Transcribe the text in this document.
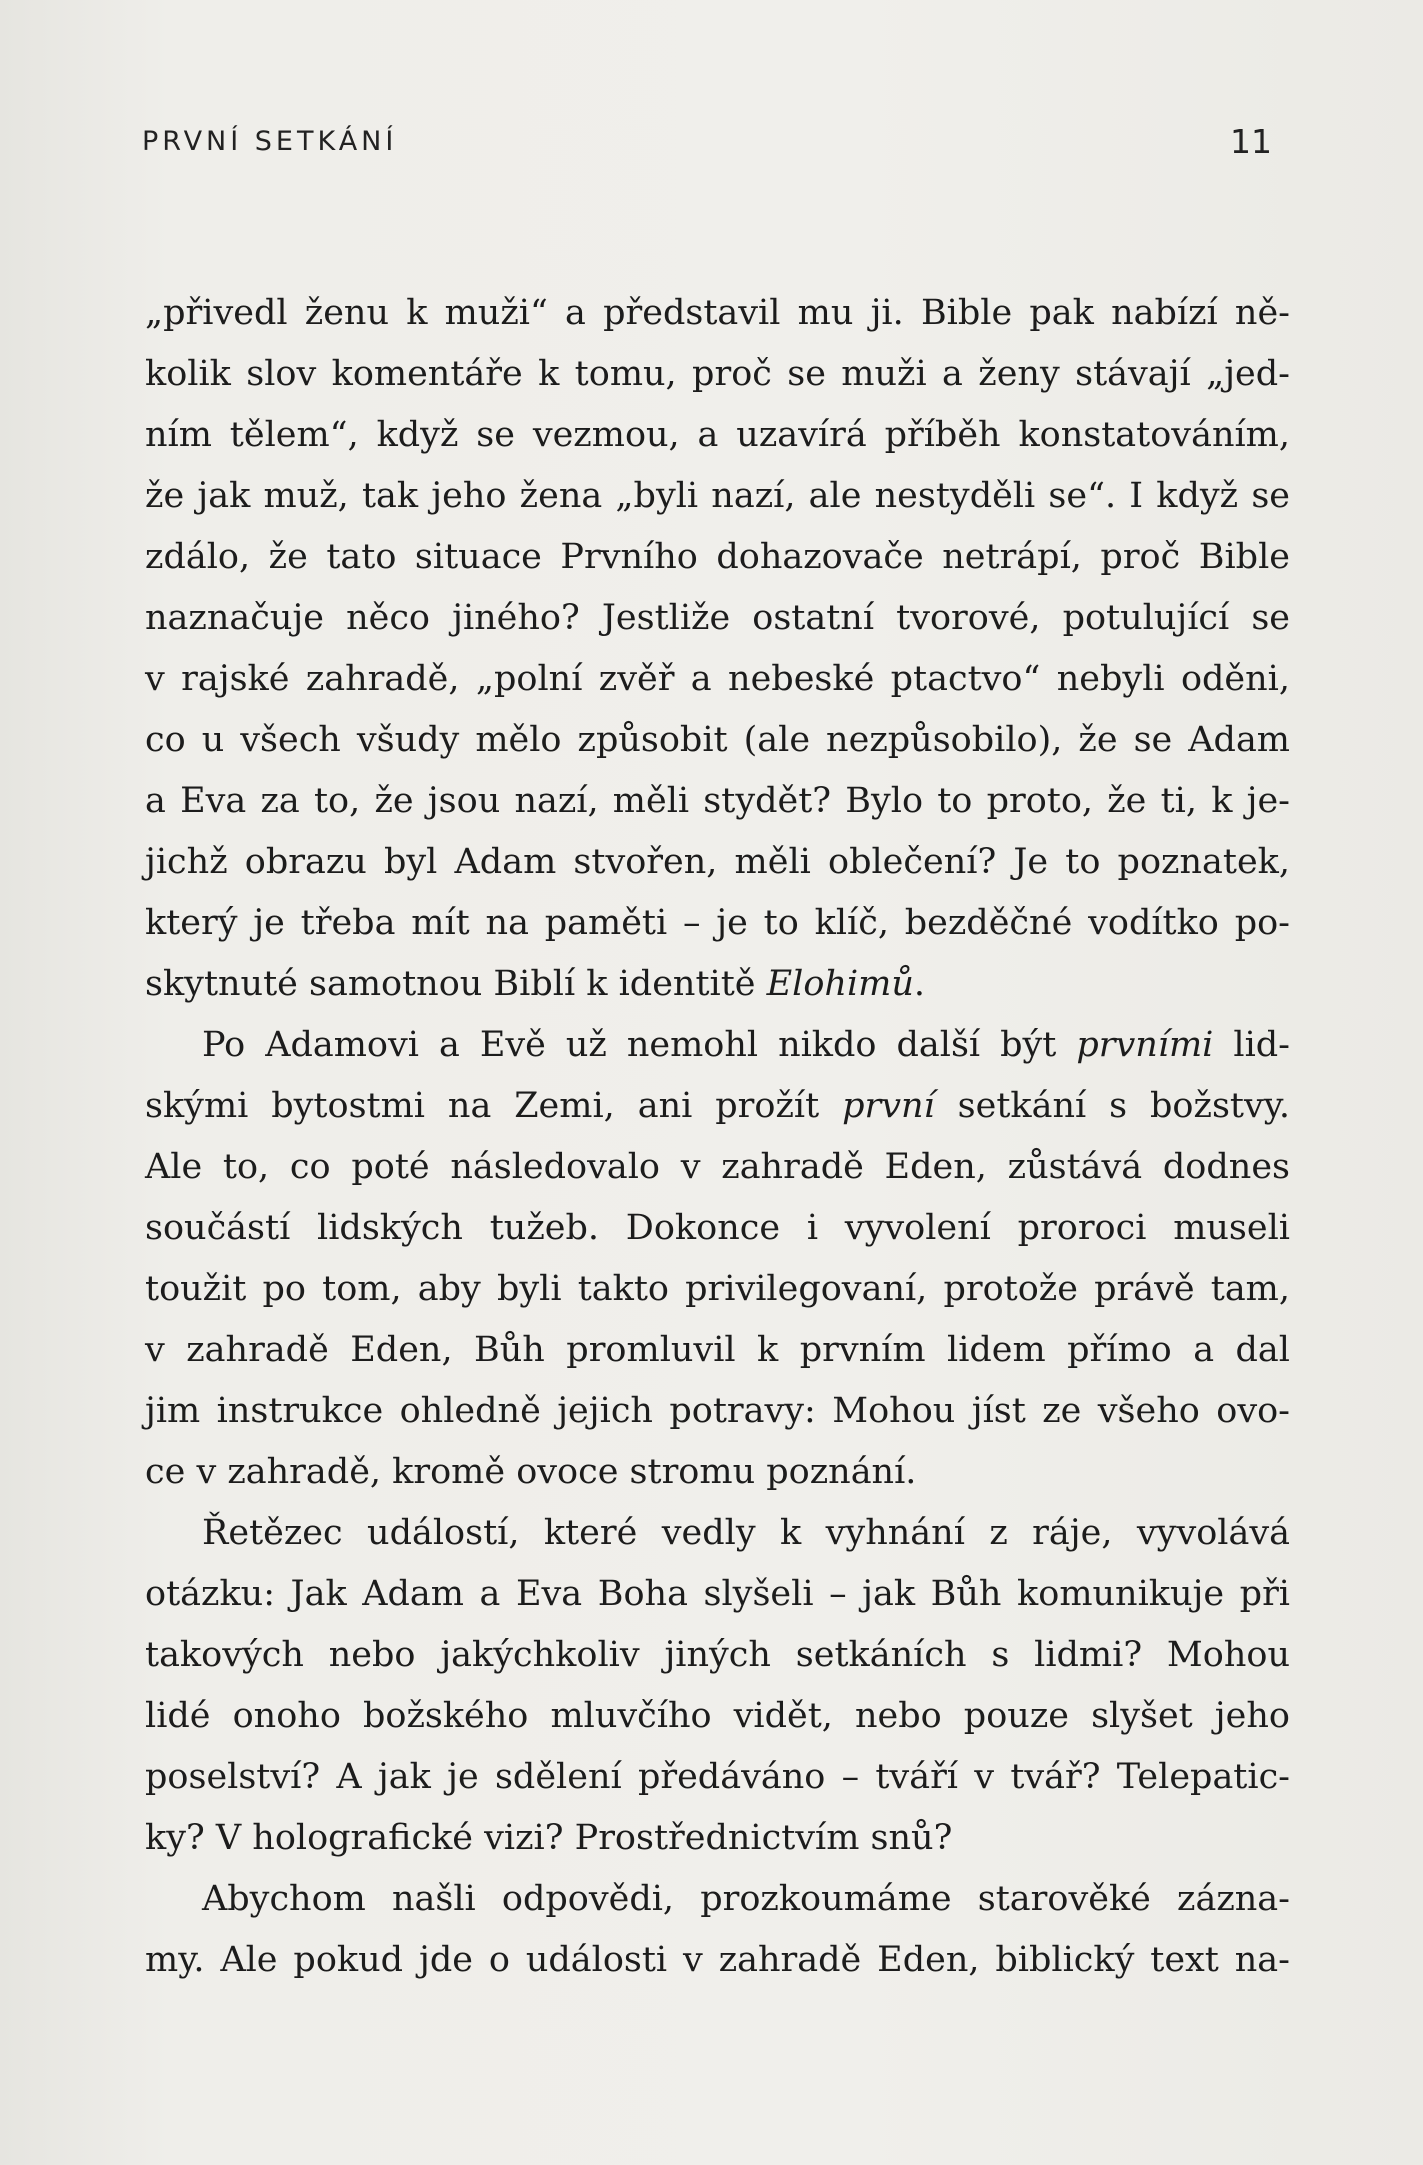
PRVNÍ SETKÁNÍ	11
„přivedl ženu k muži“ a představil mu ji. Bible pak nabízí ně-
kolik slov komentáře k tomu, proč se muži a ženy stávají „jed-
ním tělem“, když se vezmou, a uzavírá příběh konstatováním,
že jak muž, tak jeho žena „byli nazí, ale nestyděli se“. I když se
zdálo, že tato situace Prvního dohazovače netrápí, proč Bible
naznačuje něco jiného? Jestliže ostatní tvorové, potulující se
v rajské zahradě, „polní zvěř a nebeské ptactvo“ nebyli oděni,
co u všech všudy mělo způsobit (ale nezpůsobilo), že se Adam
a Eva za to, že jsou nazí, měli stydět? Bylo to proto, že ti, k je-
jichž obrazu byl Adam stvořen, měli oblečení? Je to poznatek,
který je třeba mít na paměti – je to klíč, bezděčné vodítko po-
skytnuté samotnou Biblí k identitě Elohimů.
Po Adamovi a Evě už nemohl nikdo další být prvními lid-
skými bytostmi na Zemi, ani prožít první setkání s božstvy.
Ale to, co poté následovalo v zahradě Eden, zůstává dodnes
součástí lidských tužeb. Dokonce i vyvolení proroci museli
toužit po tom, aby byli takto privilegovaní, protože právě tam,
v zahradě Eden, Bůh promluvil k prvním lidem přímo a dal
jim instrukce ohledně jejich potravy: Mohou jíst ze všeho ovo-
ce v zahradě, kromě ovoce stromu poznání.
Řetězec událostí, které vedly k vyhnání z ráje, vyvolává
otázku: Jak Adam a Eva Boha slyšeli – jak Bůh komunikuje při
takových nebo jakýchkoliv jiných setkáních s lidmi? Mohou
lidé onoho božského mluvčího vidět, nebo pouze slyšet jeho
poselství? A jak je sdělení předáváno – tváří v tvář? Telepatic-
ky? V holografické vizi? Prostřednictvím snů?
Abychom našli odpovědi, prozkoumáme starověké zázna-
my. Ale pokud jde o události v zahradě Eden, biblický text na-
